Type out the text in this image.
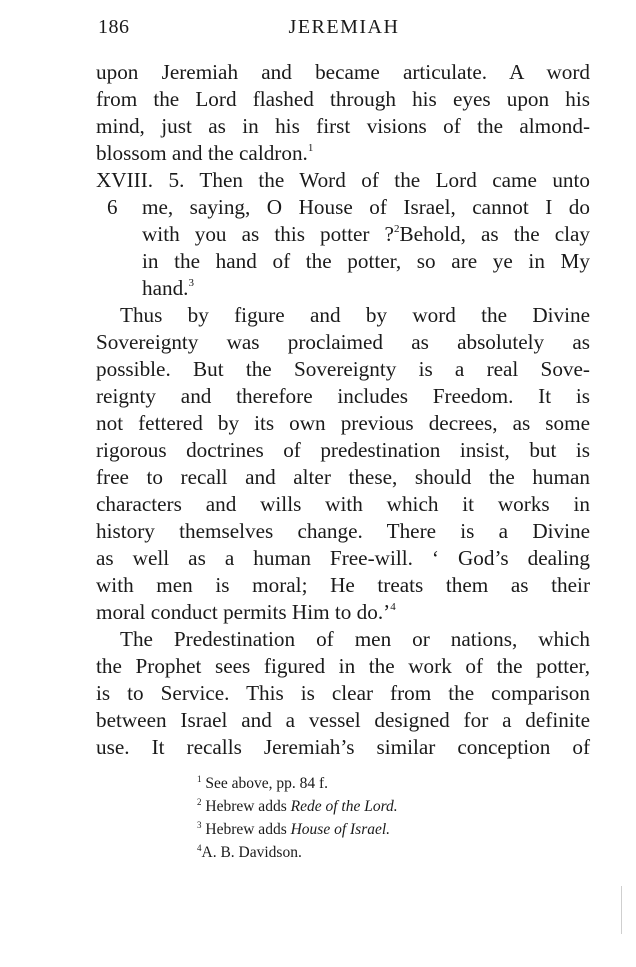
186	JEREMIAH
upon Jeremiah and became articulate. A word
from the Lord flashed through his eyes upon his
mind, just as in his first visions of the almond-
blossom and the caldron.$^1$
XVIII. 5. Then the Word of the Lord came unto
6 me, saying, O House of Israel, cannot I do
with you as this potter ?$^2$Behold, as the clay
in the hand of the potter, so are ye in My
hand.$^3$
Thus by figure and by word the Divine
Sovereignty was proclaimed as absolutely as
possible. But the Sovereignty is a real Sove-
reignty and therefore includes Freedom. It is
not fettered by its own previous decrees, as some
rigorous doctrines of predestination insist, but is
free to recall and alter these, should the human
characters and wills with which it works in
history themselves change. There is a Divine
as well as a human Free-will. ‘ God’s dealing
with men is moral; He treats them as their
moral conduct permits Him to do.’$^4$
The Predestination of men or nations, which
the Prophet sees figured in the work of the potter,
is to Service. This is clear from the comparison
between Israel and a vessel designed for a definite
use. It recalls Jeremiah’s similar conception of
$^1$ See above, pp. 84 f.
$^2$ Hebrew adds Rede of the Lord.
$^3$ Hebrew adds House of Israel.
$^4$A. B. Davidson.
